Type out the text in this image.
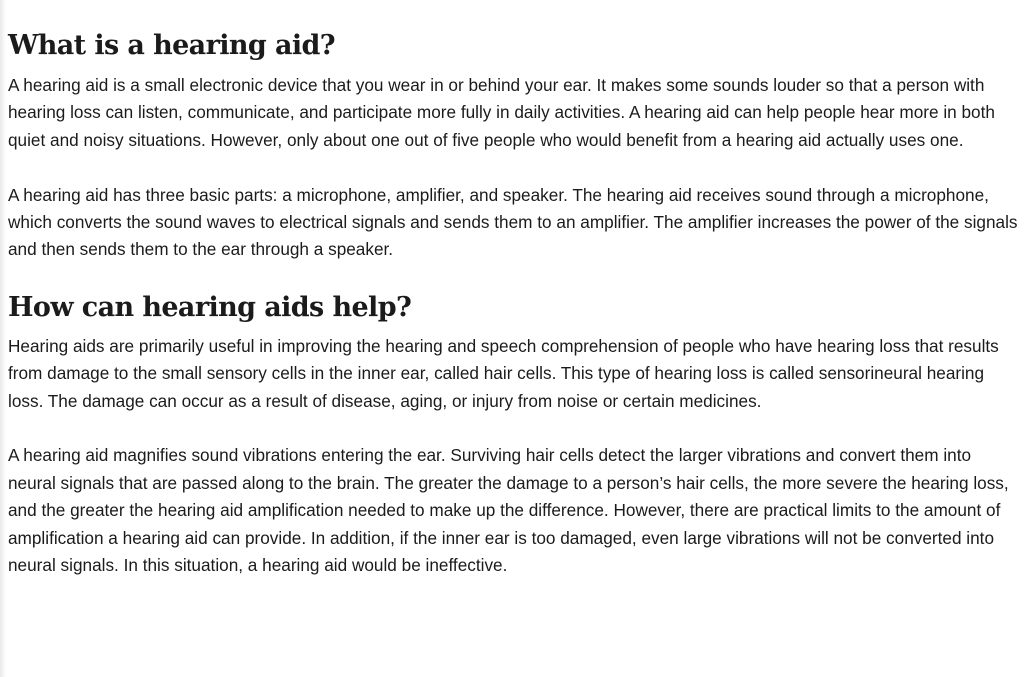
What is a hearing aid?

A hearing aid is a small electronic device that you wear in or behind your ear. It makes some sounds louder so that a person with hearing loss can listen, communicate, and participate more fully in daily activities. A hearing aid can help people hear more in both quiet and noisy situations. However, only about one out of five people who would benefit from a hearing aid actually uses one.

A hearing aid has three basic parts: a microphone, amplifier, and speaker. The hearing aid receives sound through a microphone, which converts the sound waves to electrical signals and sends them to an amplifier. The amplifier increases the power of the signals and then sends them to the ear through a speaker.

How can hearing aids help?

Hearing aids are primarily useful in improving the hearing and speech comprehension of people who have hearing loss that results from damage to the small sensory cells in the inner ear, called hair cells. This type of hearing loss is called sensorineural hearing loss. The damage can occur as a result of disease, aging, or injury from noise or certain medicines.

A hearing aid magnifies sound vibrations entering the ear. Surviving hair cells detect the larger vibrations and convert them into neural signals that are passed along to the brain. The greater the damage to a person’s hair cells, the more severe the hearing loss, and the greater the hearing aid amplification needed to make up the difference. However, there are practical limits to the amount of amplification a hearing aid can provide. In addition, if the inner ear is too damaged, even large vibrations will not be converted into neural signals. In this situation, a hearing aid would be ineffective.
